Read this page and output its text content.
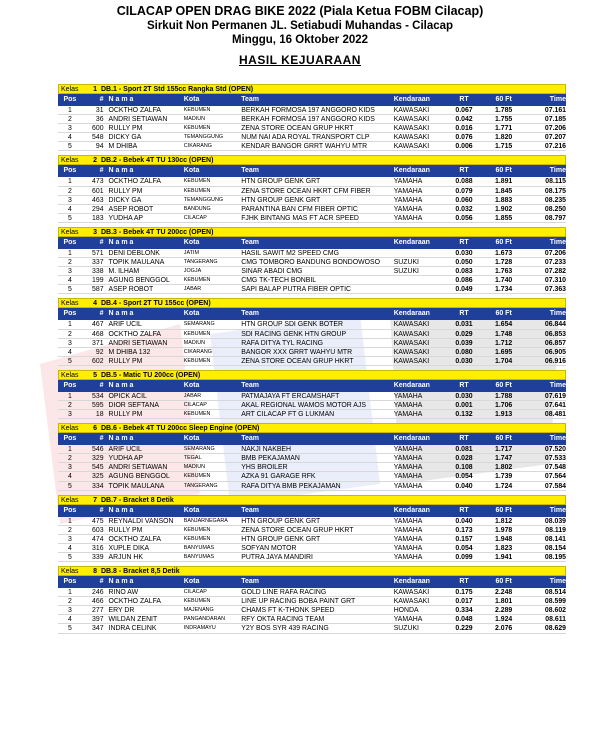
CILACAP OPEN DRAG BIKE 2022 (Piala Ketua FOBM Cilacap)
Sirkuit Non Permanen JL. Setiabudi Muhandas - Cilacap
Minggu, 16 Oktober 2022
HASIL KEJUARAAN
Kelas	1 DB.1 - Sport 2T Std 155cc Rangka Std (OPEN)
Pos	# N a m a	Kota	Team	Kendaraan	RT	60 Ft	Time
1	31 OCKTHO ZALFA	KEBUMEN	BERKAH FORMOSA 197 ANGGORO KIDS	KAWASAKI	0.067	1.785	07.161
2	36 ANDRI SETIAWAN	MADIUN	BERKAH FORMOSA 197 ANGGORO KIDS	KAWASAKI	0.042	1.755	07.185
3	600 RULLY PM	KEBUMEN	ZENA STORE OCEAN GRUP HKRT	KAWASAKI	0.016	1.771	07.206
4	548 DICKY GA	TEMANGGUNG	NUM NAI ADA ROYAL TRANSPORT CLP	KAWASAKI	0.076	1.820	07.207
5	94 M DHIBA	CIKARANG	KENDAR BANGOR GRRT WAHYU MTR	KAWASAKI	0.006	1.715	07.216
Kelas	2 DB.2 - Bebek 4T TU 130cc (OPEN)
Pos	# N a m a	Kota	Team	Kendaraan	RT	60 Ft	Time
1	473 OCKTHO ZALFA	KEBUMEN	HTN GROUP GENK GRT	YAMAHA	0.088	1.891	08.115
2	601 RULLY PM	KEBUMEN	ZENA STORE OCEAN HKRT CFM FIBER	YAMAHA	0.079	1.845	08.175
3	463 DICKY GA	TEMANGGUNG	HTN GROUP GENK GRT	YAMAHA	0.060	1.883	08.235
4	294 ASEP ROBOT	BANDUNG	PARANTINA BAN CFM FIBER OPTIC	YAMAHA	0.032	1.902	08.250
5	183 YUDHA AP	CILACAP	FJHK BINTANG MAS FT ACR SPEED	YAMAHA	0.056	1.855	08.797
Kelas	3 DB.3 - Bebek 4T TU 200cc (OPEN)
Pos	# N a m a	Kota	Team	Kendaraan	RT	60 Ft	Time
1	571 DENI DEBLONK	JATIM	HASIL SAWIT M2 SPEED CMG	0.030	1.673	07.206
2	337 TOPIK MAULANA	TANGERANG	CMG TOMBORO BANDUNG BONDOWOSO	SUZUKI	0.050	1.728	07.233
3	338 M. ILHAM	JOGJA	SINAR ABADI CMG	SUZUKI	0.083	1.763	07.282
4	199 AGUNG BENGGOL	KEBUMEN	CMG TK-TECH BONBIL	0.086	1.740	07.310
5	587 ASEP ROBOT	JABAR	SAPI BALAP PUTRA FIBER OPTIC	0.049	1.734	07.363
Kelas	4 DB.4 - Sport 2T TU 155cc (OPEN)
Pos	# N a m a	Kota	Team	Kendaraan	RT	60 Ft	Time
1	467 ARIF UCIL	SEMARANG	HTN GROUP SDI GENK BOTER	KAWASAKI	0.031	1.654	06.844
2	468 OCKTHO ZALFA	KEBUMEN	SDI RACING GENK HTN GROUP	KAWASAKI	0.029	1.748	06.853
3	371 ANDRI SETIAWAN	MADIUN	RAFA DITYA TYL RACING	KAWASAKI	0.039	1.712	06.857
4	92 M DHIBA 132	CIKARANG	BANGOR XXX GRRT WAHYU MTR	KAWASAKI	0.080	1.695	06.905
5	602 RULLY PM	KEBUMEN	ZENA STORE OCEAN GRUP HKRT	KAWASAKI	0.030	1.704	06.916
Kelas	5 DB.5 - Matic TU 200cc (OPEN)
Pos	# N a m a	Kota	Team	Kendaraan	RT	60 Ft	Time
1	534 OPICK ACIL	JABAR	PATMAJAYA FT ERCAMSHAFT	YAMAHA	0.030	1.788	07.619
2	595 DIOR SEFTANA	CILACAP	AKAL REGIONAL WAMOS MOTOR AJS	YAMAHA	0.001	1.706	07.641
3	18 RULLY PM	KEBUMEN	ART CILACAP FT G LUKMAN	YAMAHA	0.132	1.913	08.481
Kelas	6 DB.6 - Bebek 4T TU 200cc Sleep Engine (OPEN)
Pos	# N a m a	Kota	Team	Kendaraan	RT	60 Ft	Time
1	546 ARIF UCIL	SEMARANG	NAKJI NAKBEH	YAMAHA	0.081	1.717	07.520
2	329 YUDHA AP	TEGAL	BMB PEKAJAMAN	YAMAHA	0.028	1.747	07.533
3	545 ANDRI SETIAWAN	MADIUN	YHS BROILER	YAMAHA	0.108	1.802	07.548
4	325 AGUNG BENGGOL	KEBUMEN	AZKA 91 GARAGE RFK	YAMAHA	0.054	1.739	07.564
5	334 TOPIK MAULANA	TANGERANG	RAFA DITYA BMB PEKAJAMAN	YAMAHA	0.040	1.724	07.584
Kelas	7 DB.7 - Bracket 8 Detik
Pos	# N a m a	Kota	Team	Kendaraan	RT	60 Ft	Time
1	475 REYNALDI VANSON	BANJARNEGARA	HTN GROUP GENK GRT	YAMAHA	0.040	1.812	08.039
2	603 RULLY PM	KEBUMEN	ZENA STORE OCEAN GRUP HKRT	YAMAHA	0.173	1.978	08.119
3	474 OCKTHO ZALFA	KEBUMEN	HTN GROUP GENK GRT	YAMAHA	0.157	1.948	08.141
4	316 XUPLE DIKA	BANYUMAS	SOFYAN MOTOR	YAMAHA	0.054	1.823	08.154
5	339 ARJUN HK	BANYUMAS	PUTRA JAYA MANDIRI	YAMAHA	0.099	1.941	08.195
Kelas	8 DB.8 - Bracket 8,5 Detik
Pos	# N a m a	Kota	Team	Kendaraan	RT	60 Ft	Time
1	246 RINO AW	CILACAP	GOLD LINE RAFA RACING	KAWASAKI	0.175	2.248	08.514
2	466 OCKTHO ZALFA	KEBUMEN	LINE UP RACING BOBA PAINT GRT	KAWASAKI	0.017	1.801	08.599
3	277 ERY DR	MAJENANG	CHAMS FT K-THONK SPEED	HONDA	0.334	2.289	08.602
4	397 WILDAN ZENIT	PANGANDARAN	RFY OKTA RACING TEAM	YAMAHA	0.048	1.924	08.611
5	347 INDRA CELINK	INDRAMAYU	Y2Y BOS SYR 439 RACING	SUZUKI	0.229	2.076	08.629
